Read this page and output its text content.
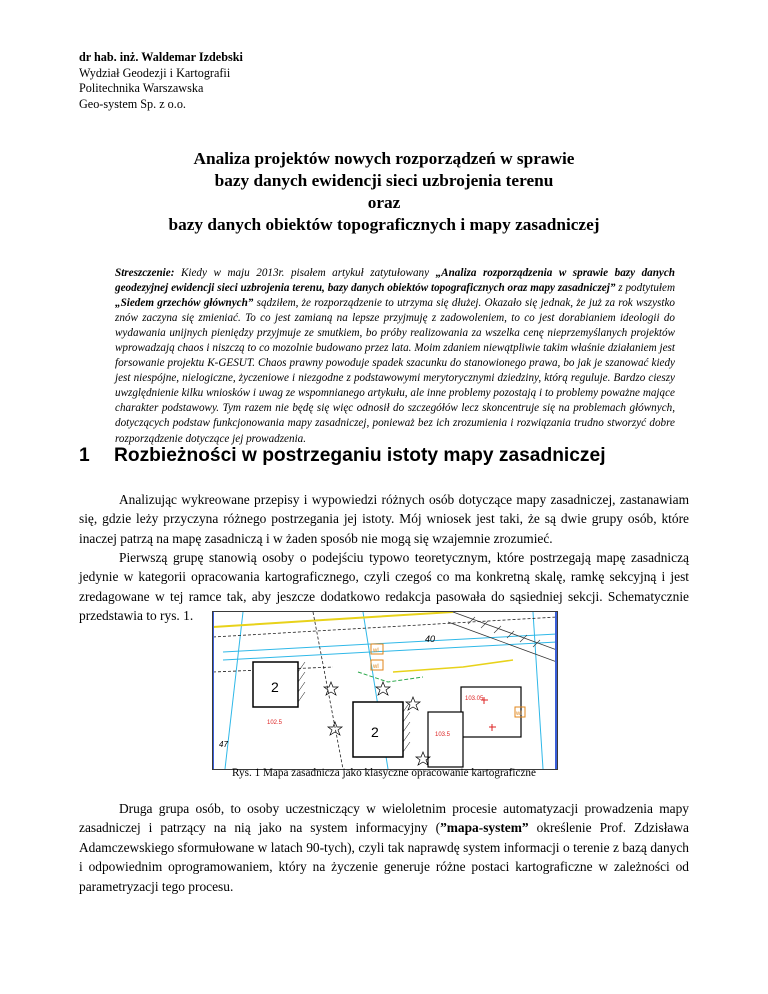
dr hab. inż. Waldemar Izdebski
Wydział Geodezji i Kartografii
Politechnika Warszawska
Geo-system Sp. z o.o.
Analiza projektów nowych rozporządzeń w sprawie
bazy danych ewidencji sieci uzbrojenia terenu
oraz
bazy danych obiektów topograficznych i mapy zasadniczej
Streszczenie: Kiedy w maju 2013r. pisałem artykuł zatytułowany „Analiza rozporządzenia w sprawie bazy danych geodezyjnej ewidencji sieci uzbrojenia terenu, bazy danych obiektów topograficznych oraz mapy zasadniczej” z podtytułem „Siedem grzechów głównych” sądziłem, że rozporządzenie to utrzyma się dłużej. Okazało się jednak, że już za rok wszystko znów zaczyna się zmieniać. To co jest zamianą na lepsze przyjmuję z zadowoleniem, to co jest dorabianiem ideologii do wydawania unijnych pieniędzy przyjmuje ze smutkiem, bo próby realizowania za wszelka cenę nieprzemyślanych projektów wprowadzają chaos i niszczą to co mozolnie budowano przez lata. Moim zdaniem niewątpliwie takim właśnie działaniem jest forsowanie projektu K-GESUT. Chaos prawny powoduje spadek szacunku do stanowionego prawa, bo jak je szanować kiedy jest niespójne, nielogiczne, życzeniowe i niezgodne z podstawowymi merytorycznymi dziedziny, którą reguluje. Bardzo cieszy uwzględnienie kilku wniosków i uwag ze wspomnianego artykułu, ale inne problemy pozostają i to problemy poważne mające charakter podstawowy. Tym razem nie będę się więc odnosił do szczegółów lecz skoncentruje się na problemach głównych, dotyczących podstaw funkcjonowania mapy zasadniczej, ponieważ bez ich zrozumienia i rozwiązania trudno stworzyć dobre rozporządzenie dotyczące jej prowadzenia.
1 Rozbieżności w postrzeganiu istoty mapy zasadniczej
Analizując wykreowane przepisy i wypowiedzi różnych osób dotyczące mapy zasadniczej, zastanawiam się, gdzie leży przyczyna różnego postrzegania jej istoty. Mój wniosek jest taki, że są dwie grupy osób, które inaczej patrzą na mapę zasadniczą i w żaden sposób nie mogą się wzajemnie zrozumieć.
Pierwszą grupę stanowią osoby o podejściu typowo teoretycznym, które postrzegają mapę zasadniczą jedynie w kategorii opracowania kartograficznego, czyli czegoś co ma konkretną skalę, ramkę sekcyjną i jest zredagowane w tej ramce tak, aby jeszcze dodatkowo redakcja pasowała do sąsiedniej sekcji. Schematycznie przedstawia to rys. 1.
2
2
40
47
103.05
103.5
102.5
wl
wl
wl
Rys. 1 Mapa zasadnicza jako klasyczne opracowanie kartograficzne
Druga grupa osób, to osoby uczestniczący w wieloletnim procesie automatyzacji prowadzenia mapy zasadniczej i patrzący na nią jako na system informacyjny (”mapa-system” określenie Prof. Zdzisława Adamczewskiego sformułowane w latach 90-tych), czyli tak naprawdę system informacji o terenie z bazą danych i odpowiednim oprogramowaniem, który na życzenie generuje różne postaci kartograficzne w zależności od parametryzacji tego procesu.
